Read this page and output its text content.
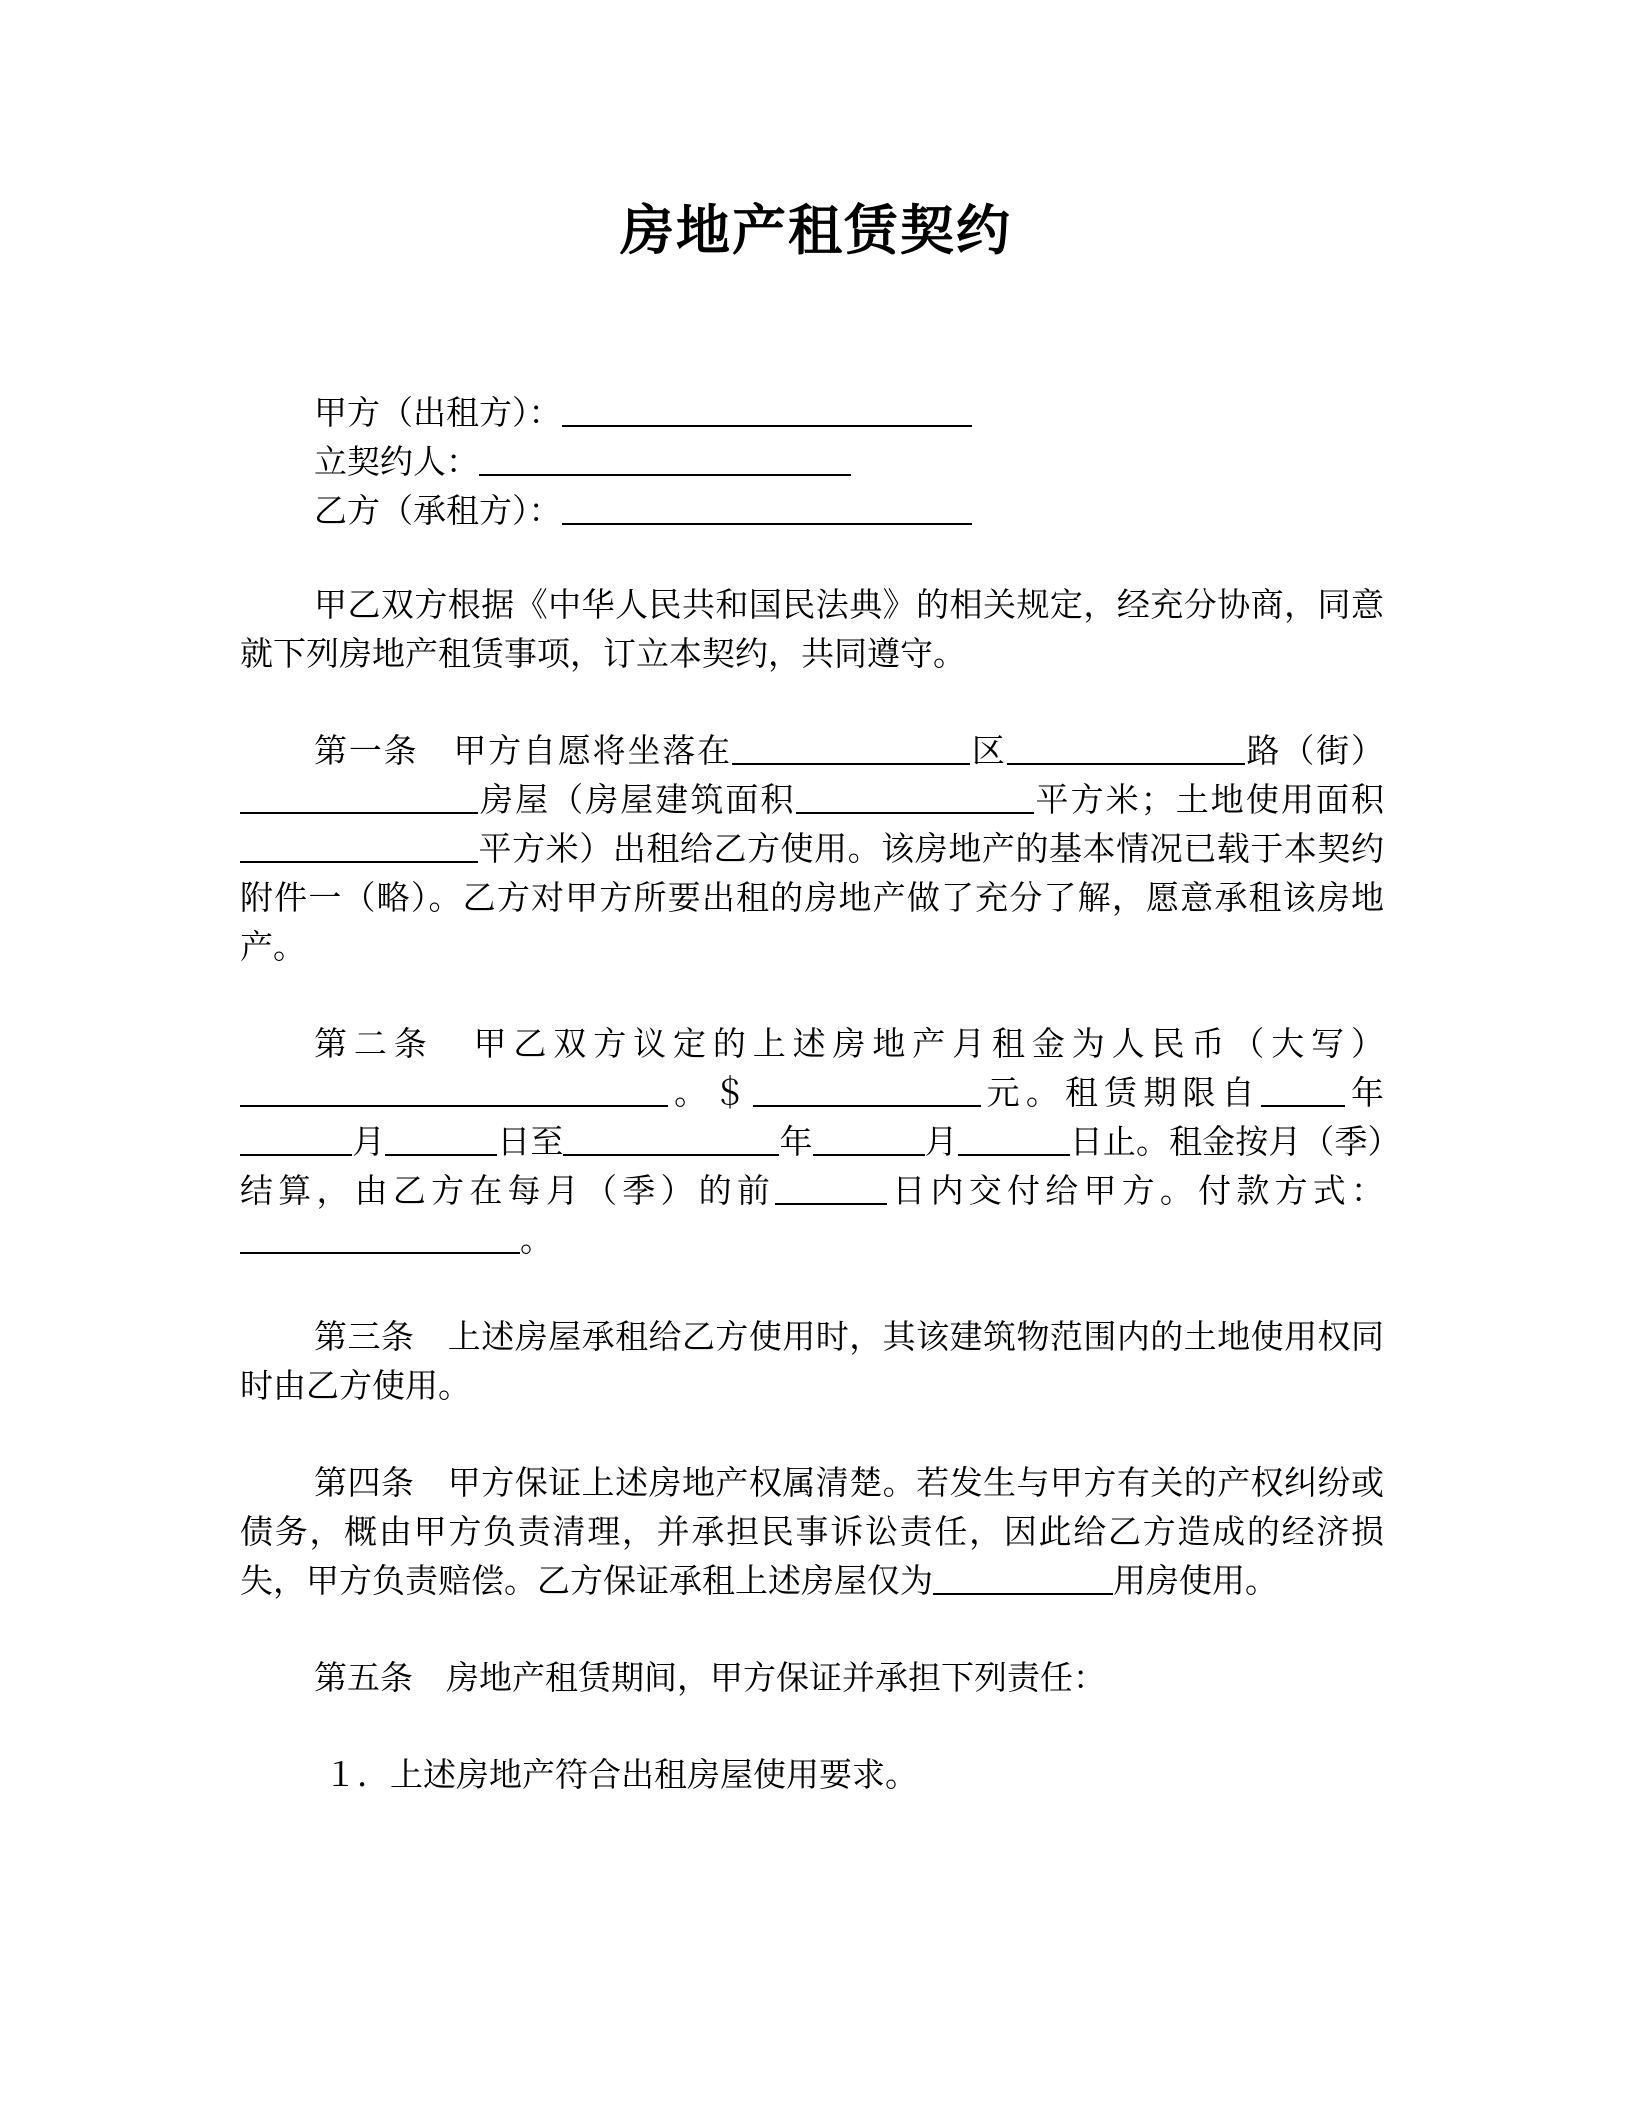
房地产租赁契约

甲方（出租方）：

立契约人：

乙方（承租方）：

甲乙双方根据《中华人民共和国民法典》的相关规定，经充分协商，同意就下列房地产租赁事项，订立本契约，共同遵守。

第一条　甲方自愿将坐落在	区	路（街）房屋（房屋建筑面积	平方米；土地使用面积平方米）出租给乙方使用。该房地产的基本情况已载于本契约附件一（略）。乙方对甲方所要出租的房地产做了充分了解，愿意承租该房地产。

第二条　甲乙双方议定的上述房地产月租金为人民币（大写）。＄	元。租赁期限自	年月	日至	年	月	日止。租金按月（季）结算，由乙方在每月（季）的前	日内交付给甲方。付款方式：。

第三条　上述房屋承租给乙方使用时，其该建筑物范围内的土地使用权同时由乙方使用。

第四条　甲方保证上述房地产权属清楚。若发生与甲方有关的产权纠纷或债务，概由甲方负责清理，并承担民事诉讼责任，因此给乙方造成的经济损失，甲方负责赔偿。乙方保证承租上述房屋仅为	用房使用。

第五条　房地产租赁期间，甲方保证并承担下列责任：

１．上述房地产符合出租房屋使用要求。
